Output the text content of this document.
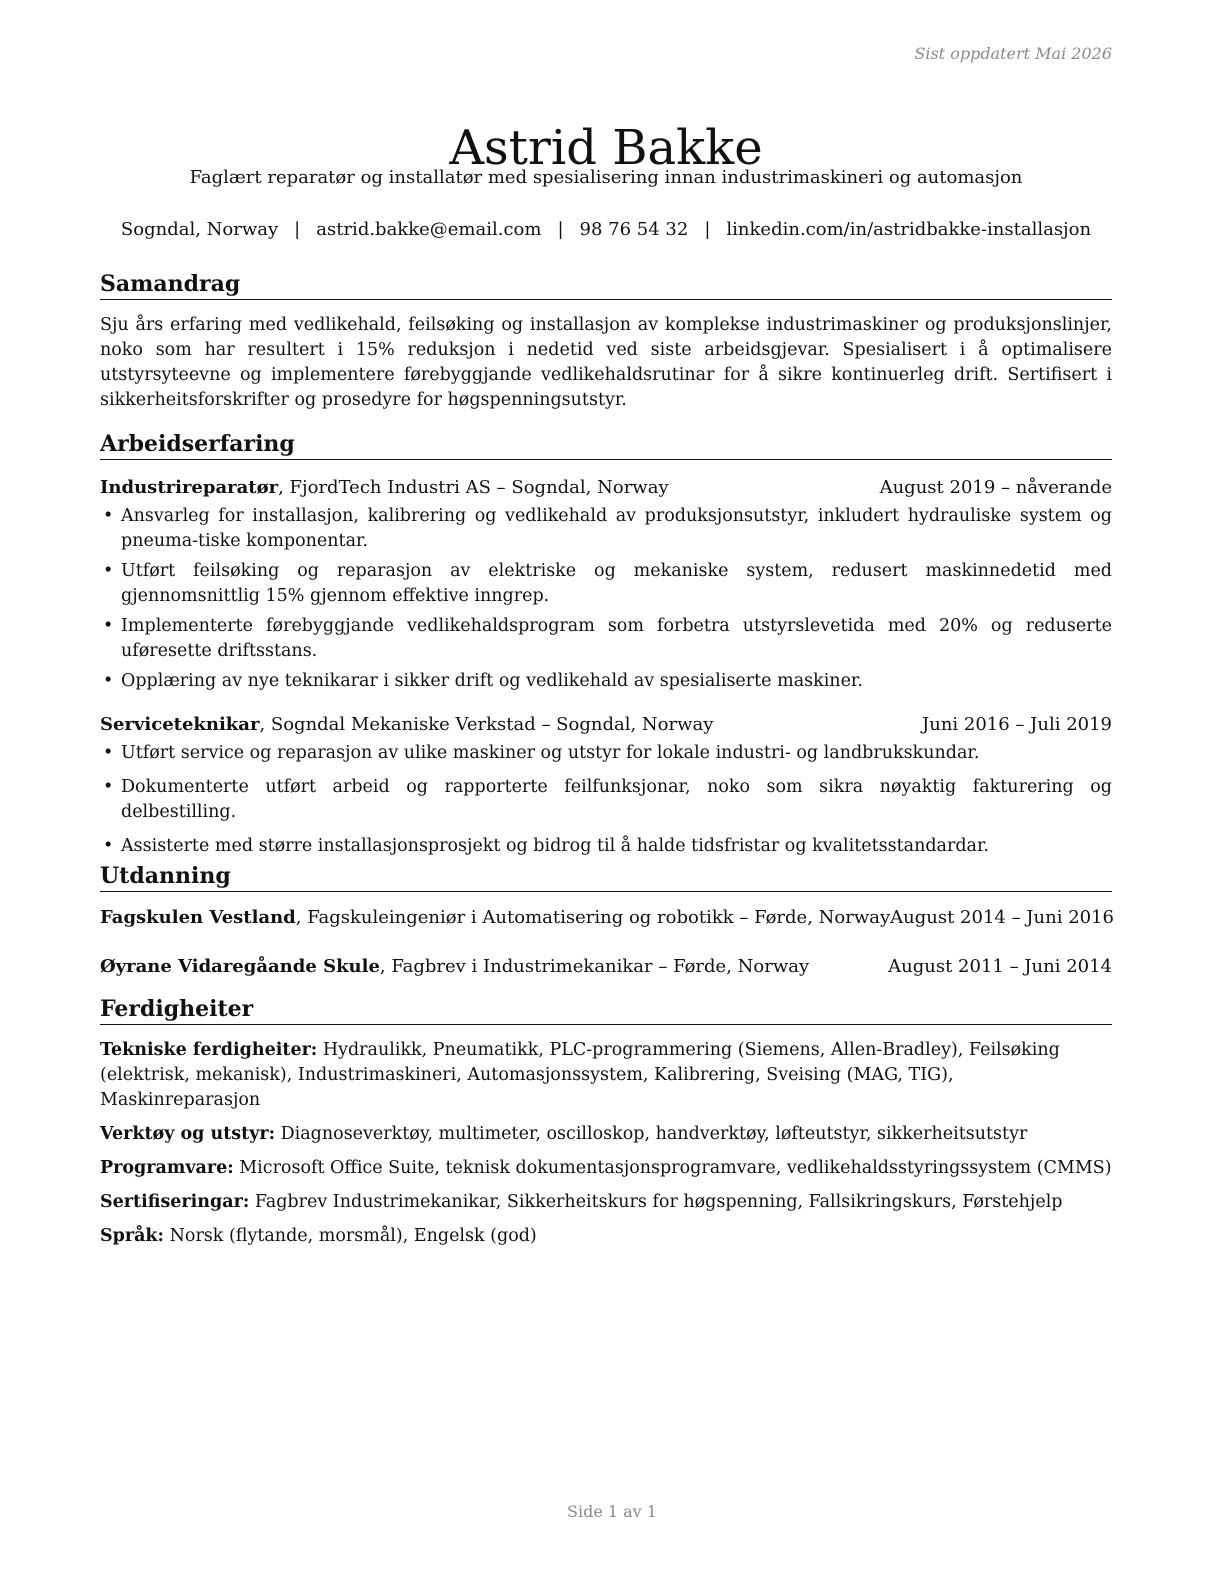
Sist oppdatert Mai 2026
Astrid Bakke
Faglært reparatør og installatør med spesialisering innan industrimaskineri og automasjon
Sogndal, Norway | astrid.bakke@email.com | 98 76 54 32 | linkedin.com/in/astridbakke-installasjon
Samandrag
Sju års erfaring med vedlikehald, feilsøking og installasjon av komplekse industrimaskiner og produksjonslinjer, noko som har resultert i 15% reduksjon i nedetid ved siste arbeidsgjevar. Spesialisert i å optimalisere utstyrsyteevne og implementere førebyggjande vedlikehaldsrutinar for å sikre kontinuerleg drift. Sertifisert i sikkerheitsforskrifter og prosedyre for høgspenningsutstyr.
Arbeidserfaring
Industrireparatør, FjordTech Industri AS – Sogndal, Norway	August 2019 – nåverande
• Ansvarleg for installasjon, kalibrering og vedlikehald av produksjonsutstyr, inkludert hydrauliske system og pneuma-tiske komponentar.
• Utført feilsøking og reparasjon av elektriske og mekaniske system, redusert maskinnedetid med gjennomsnittlig 15% gjennom effektive inngrep.
• Implementerte førebyggjande vedlikehaldsprogram som forbetra utstyrslevetida med 20% og reduserte uføresette driftsstans.
• Opplæring av nye teknikarar i sikker drift og vedlikehald av spesialiserte maskiner.
Serviceteknikar, Sogndal Mekaniske Verkstad – Sogndal, Norway	Juni 2016 – Juli 2019
• Utført service og reparasjon av ulike maskiner og utstyr for lokale industri- og landbrukskundar.
• Dokumenterte utført arbeid og rapporterte feilfunksjonar, noko som sikra nøyaktig fakturering og delbestilling.
• Assisterte med større installasjonsprosjekt og bidrog til å halde tidsfristar og kvalitetsstandardar.
Utdanning
Fagskulen Vestland, Fagskuleingeniør i Automatisering og robotikk – Førde, Norway August 2014 – Juni 2016
Øyrane Vidaregåande Skule, Fagbrev i Industrimekanikar – Førde, Norway	August 2011 – Juni 2014
Ferdigheiter
Tekniske ferdigheiter: Hydraulikk, Pneumatikk, PLC-programmering (Siemens, Allen-Bradley), Feilsøking (elektrisk, mekanisk), Industrimaskineri, Automasjonssystem, Kalibrering, Sveising (MAG, TIG), Maskinreparasjon
Verktøy og utstyr: Diagnoseverktøy, multimeter, oscilloskop, handverktøy, løfteutstyr, sikkerheitsutstyr
Programvare: Microsoft Office Suite, teknisk dokumentasjonsprogramvare, vedlikehaldsstyringssystem (CMMS)
Sertifiseringar: Fagbrev Industrimekanikar, Sikkerheitskurs for høgspenning, Fallsikringskurs, Førstehjelp
Språk: Norsk (flytande, morsmål), Engelsk (god)
Side 1 av 1
